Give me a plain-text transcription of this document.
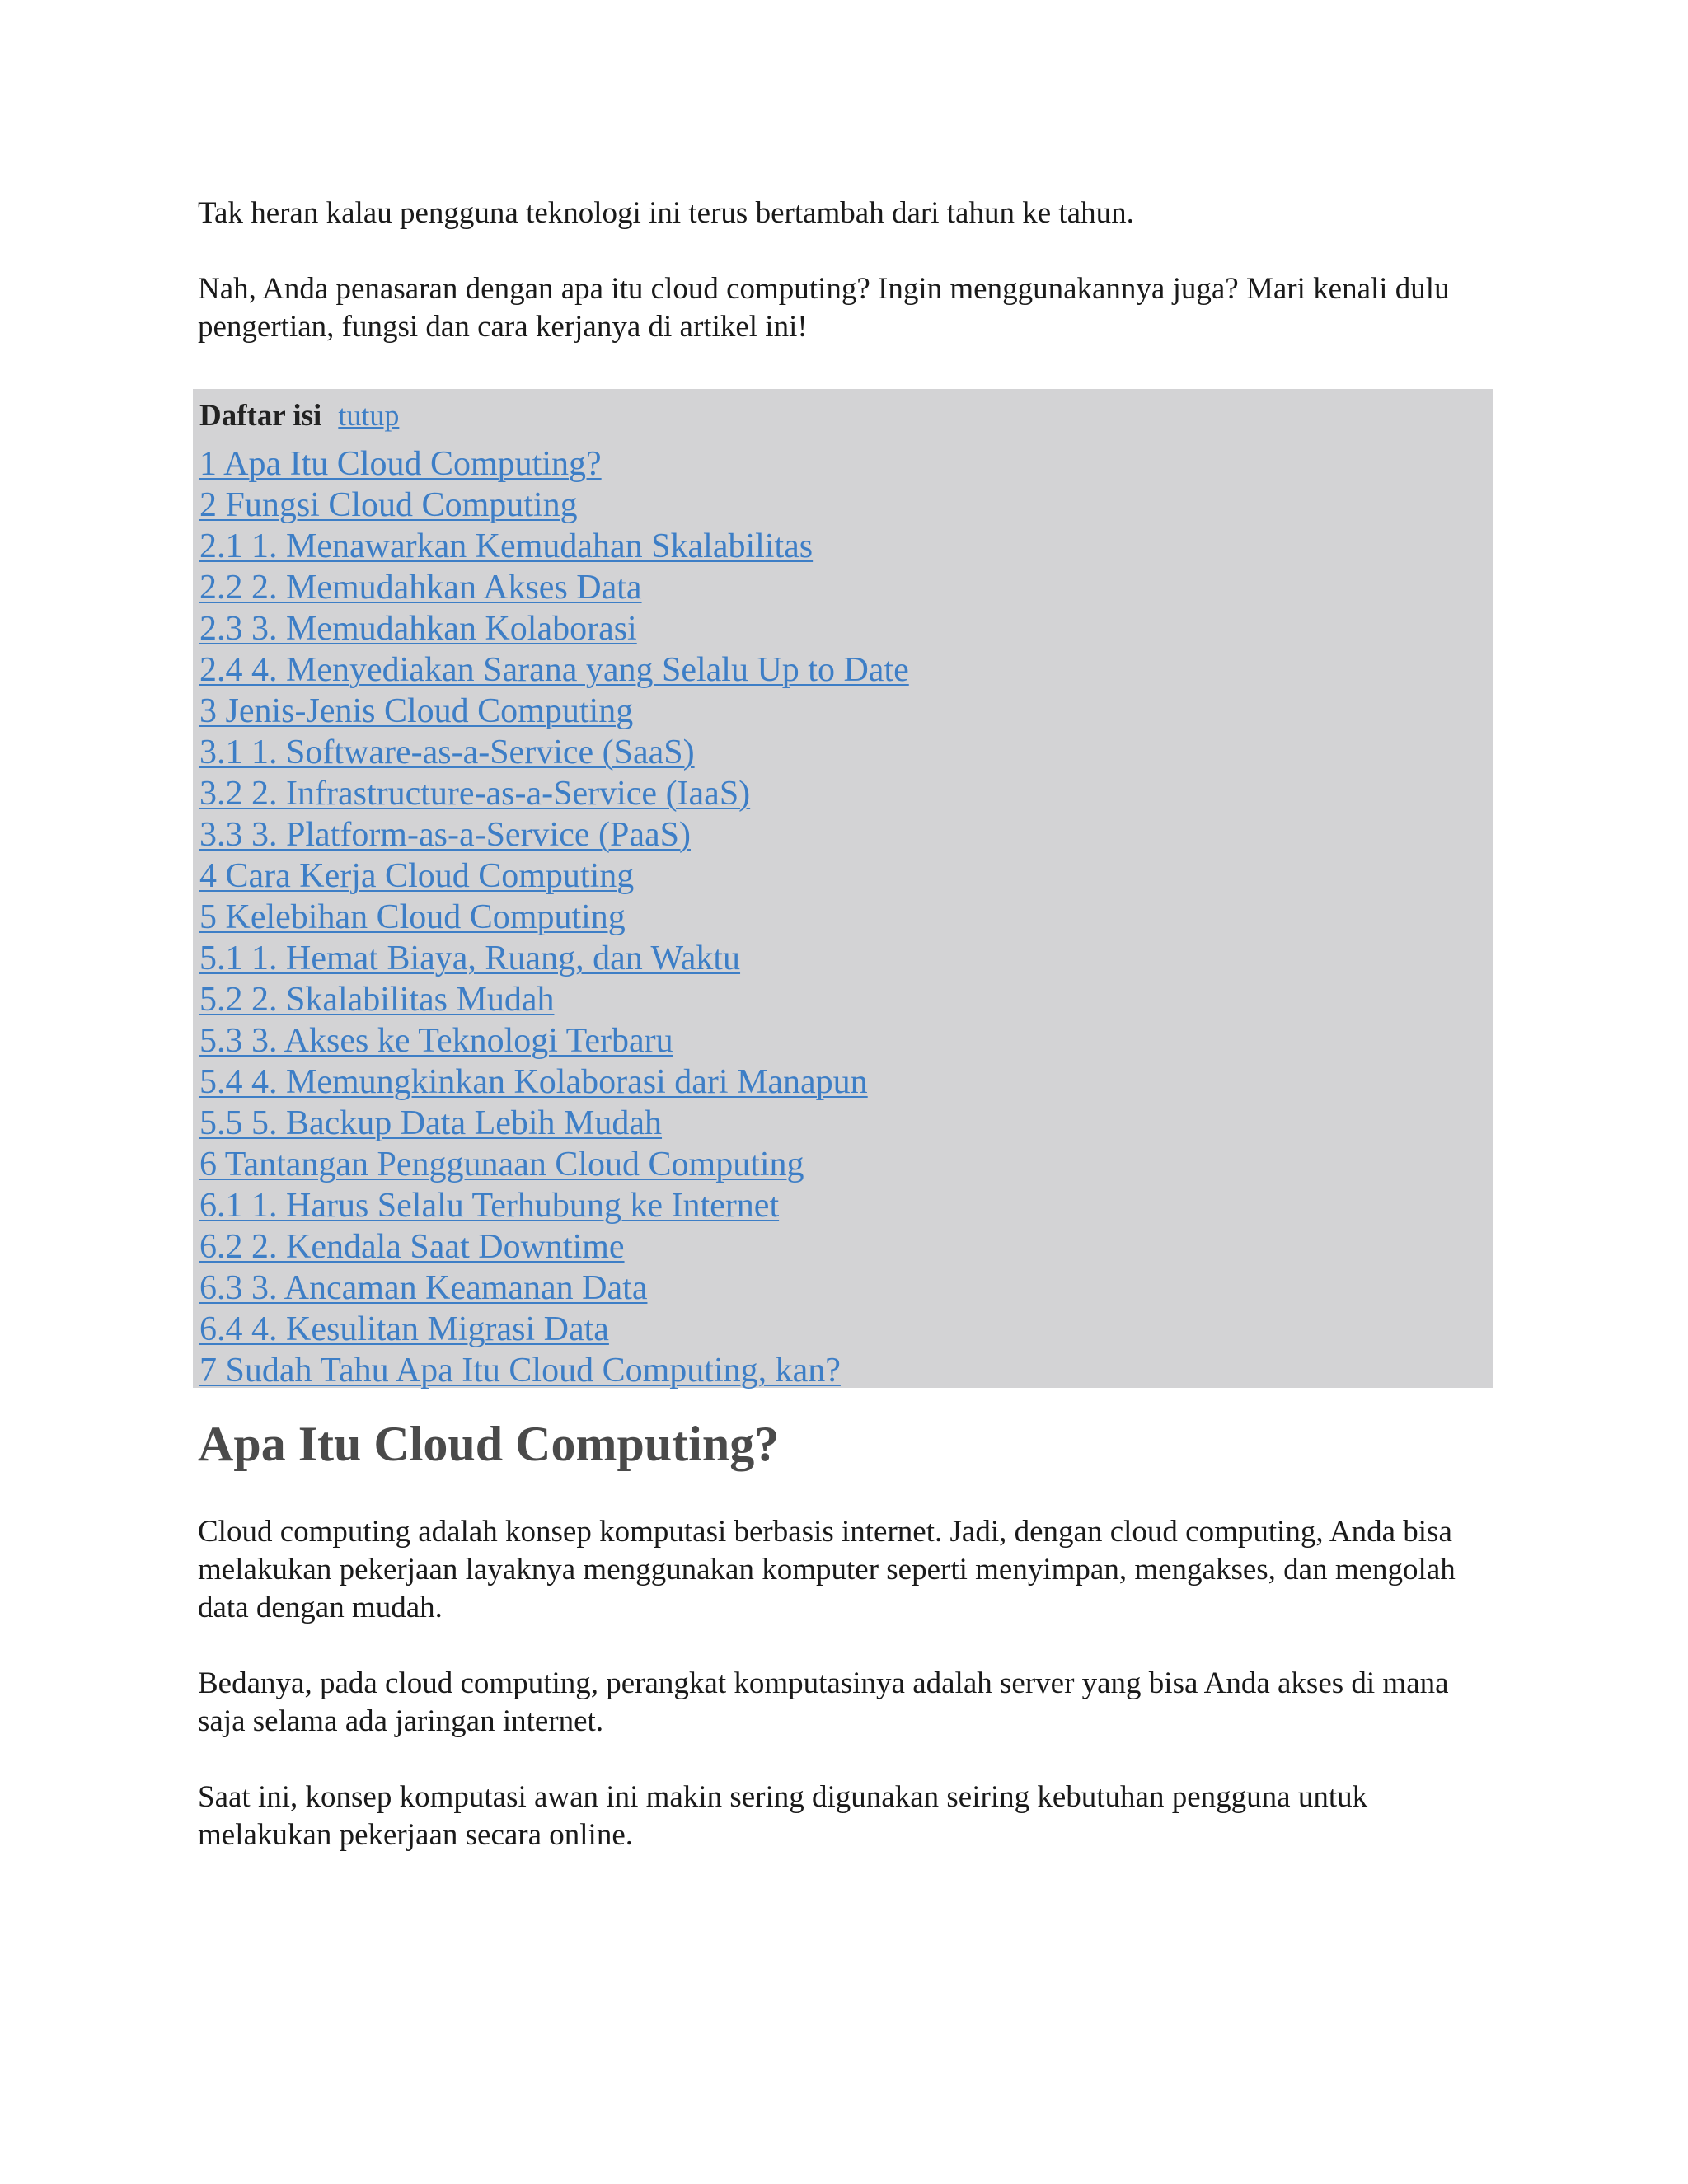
Tak heran kalau pengguna teknologi ini terus bertambah dari tahun ke tahun.

Nah, Anda penasaran dengan apa itu cloud computing? Ingin menggunakannya juga? Mari kenali dulu pengertian, fungsi dan cara kerjanya di artikel ini!

Daftar isi tutup
1 Apa Itu Cloud Computing?
2 Fungsi Cloud Computing
2.1 1. Menawarkan Kemudahan Skalabilitas
2.2 2. Memudahkan Akses Data
2.3 3. Memudahkan Kolaborasi
2.4 4. Menyediakan Sarana yang Selalu Up to Date
3 Jenis-Jenis Cloud Computing
3.1 1. Software-as-a-Service (SaaS)
3.2 2. Infrastructure-as-a-Service (IaaS)
3.3 3. Platform-as-a-Service (PaaS)
4 Cara Kerja Cloud Computing
5 Kelebihan Cloud Computing
5.1 1. Hemat Biaya, Ruang, dan Waktu
5.2 2. Skalabilitas Mudah
5.3 3. Akses ke Teknologi Terbaru
5.4 4. Memungkinkan Kolaborasi dari Manapun
5.5 5. Backup Data Lebih Mudah
6 Tantangan Penggunaan Cloud Computing
6.1 1. Harus Selalu Terhubung ke Internet
6.2 2. Kendala Saat Downtime
6.3 3. Ancaman Keamanan Data
6.4 4. Kesulitan Migrasi Data
7 Sudah Tahu Apa Itu Cloud Computing, kan?
Apa Itu Cloud Computing?

Cloud computing adalah konsep komputasi berbasis internet. Jadi, dengan cloud computing, Anda bisa melakukan pekerjaan layaknya menggunakan komputer seperti menyimpan, mengakses, dan mengolah data dengan mudah.

Bedanya, pada cloud computing, perangkat komputasinya adalah server yang bisa Anda akses di mana saja selama ada jaringan internet.

Saat ini, konsep komputasi awan ini makin sering digunakan seiring kebutuhan pengguna untuk melakukan pekerjaan secara online.
